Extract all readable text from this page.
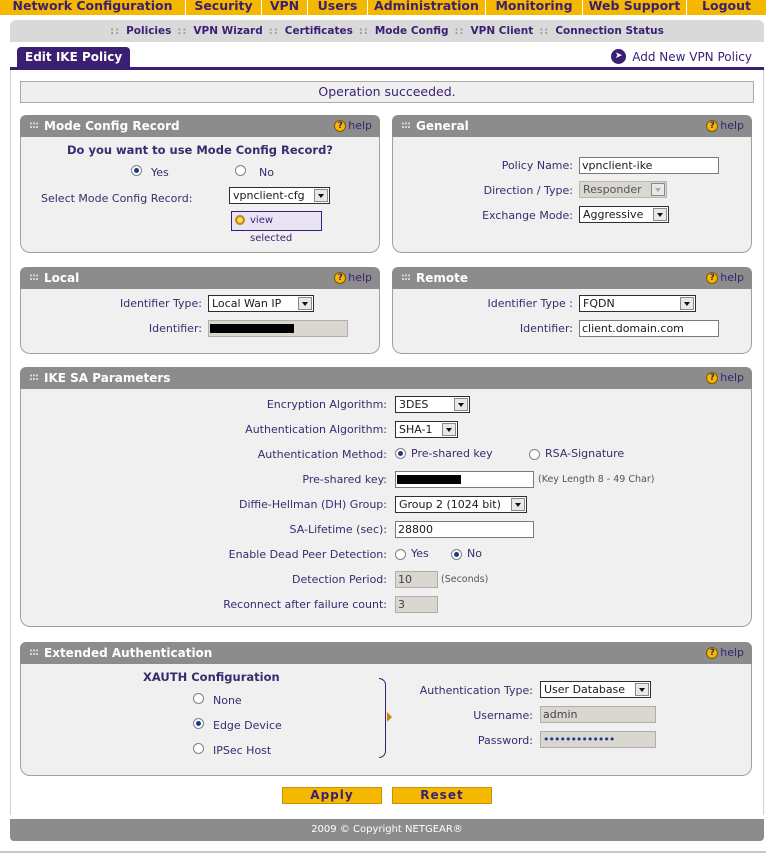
Network Configuration	Security	VPN	Users	Administration	Monitoring	Web Support	Logout
:: Policies :: VPN Wizard :: Certificates :: Mode Config :: VPN Client :: Connection Status
Edit IKE Policy	➤ Add New VPN Policy
Operation succeeded.
::: Mode Config Record	? help
Do you want to use Mode Config Record?
Yes	No
Select Mode Config Record:	vpnclient-cfg
view selected
::: General	? help
Policy Name: vpnclient-ike
Direction / Type: Responder
Exchange Mode: Aggressive
::: Local	? help
Identifier Type: Local Wan IP
Identifier:
::: Remote	? help
Identifier Type : FQDN
Identifier: client.domain.com
::: IKE SA Parameters	? help
Encryption Algorithm:	3DES
Authentication Algorithm:	SHA-1
Authentication Method: Pre-shared key	RSA-Signature
Pre-shared key:	(Key Length 8 - 49 Char)
Diffie-Hellman (DH) Group:	Group 2 (1024 bit)
SA-Lifetime (sec): 28800
Enable Dead Peer Detection: Yes	No
Detection Period: 10	(Seconds)
Reconnect after failure count: 3
::: Extended Authentication	? help
XAUTH Configuration
None
Edge Device
IPSec Host
Authentication Type:	User Database
Username: admin
Password: •••••••••••••
Apply	Reset
2009 © Copyright NETGEAR®
